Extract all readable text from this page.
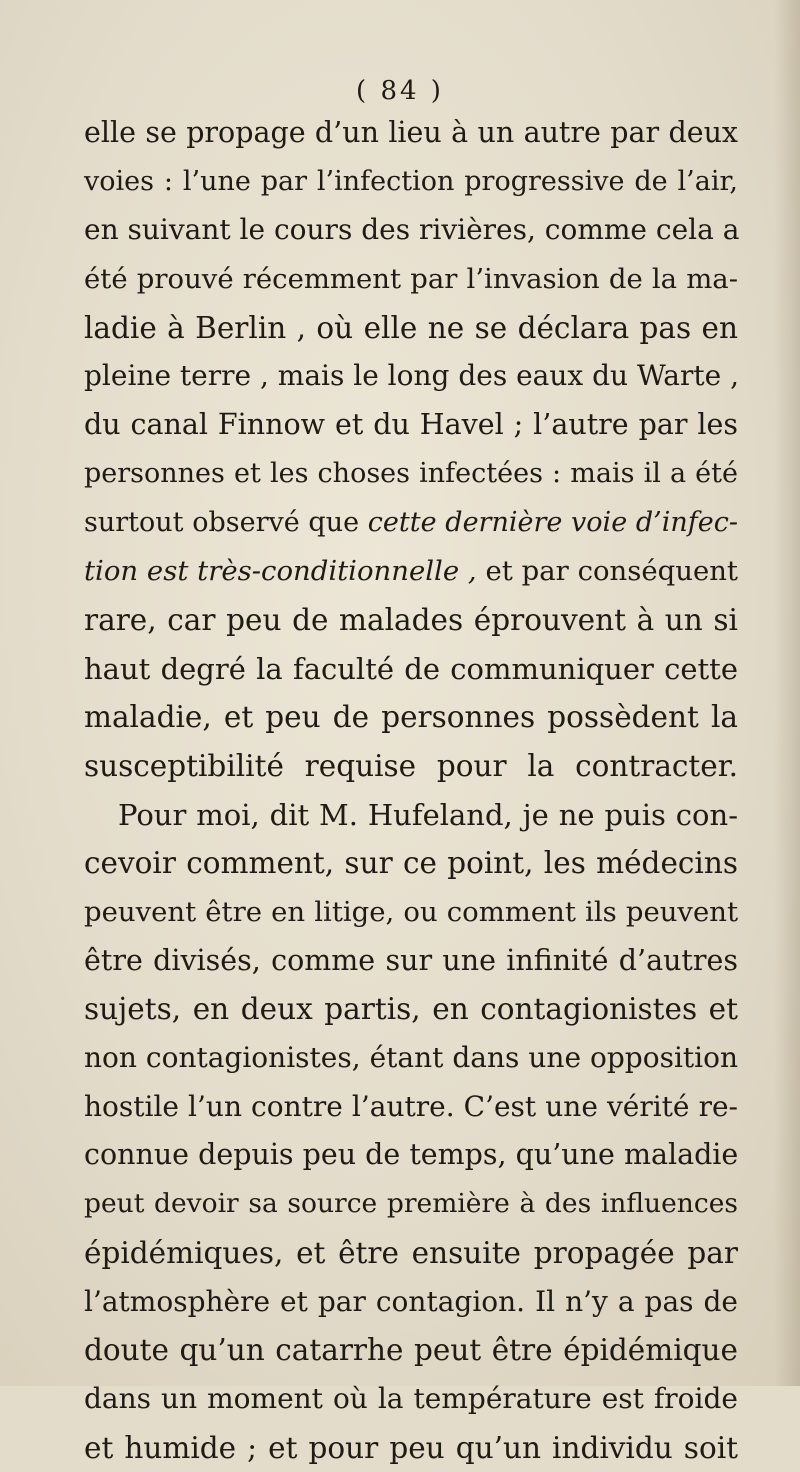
( 84 )
elle se propage d’un lieu à un autre par deux
voies : l’une par l’infection progressive de l’air,
en suivant le cours des rivières, comme cela a
été prouvé récemment par l’invasion de la ma-
ladie à Berlin , où elle ne se déclara pas en
pleine terre , mais le long des eaux du Warte ,
du canal Finnow et du Havel ; l’autre par les
personnes et les choses infectées : mais il a été
surtout observé que cette dernière voie d’infec-
tion est très-conditionnelle , et par conséquent
rare, car peu de malades éprouvent à un si
haut degré la faculté de communiquer cette
maladie, et peu de personnes possèdent la
susceptibilité requise pour la contracter.
Pour moi, dit M. Hufeland, je ne puis con-
cevoir comment, sur ce point, les médecins
peuvent être en litige, ou comment ils peuvent
être divisés, comme sur une infinité d’autres
sujets, en deux partis, en contagionistes et
non contagionistes, étant dans une opposition
hostile l’un contre l’autre. C’est une vérité re-
connue depuis peu de temps, qu’une maladie
peut devoir sa source première à des influences
épidémiques, et être ensuite propagée par
l’atmosphère et par contagion. Il n’y a pas de
doute qu’un catarrhe peut être épidémique
dans un moment où la température est froide
et humide ; et pour peu qu’un individu soit
